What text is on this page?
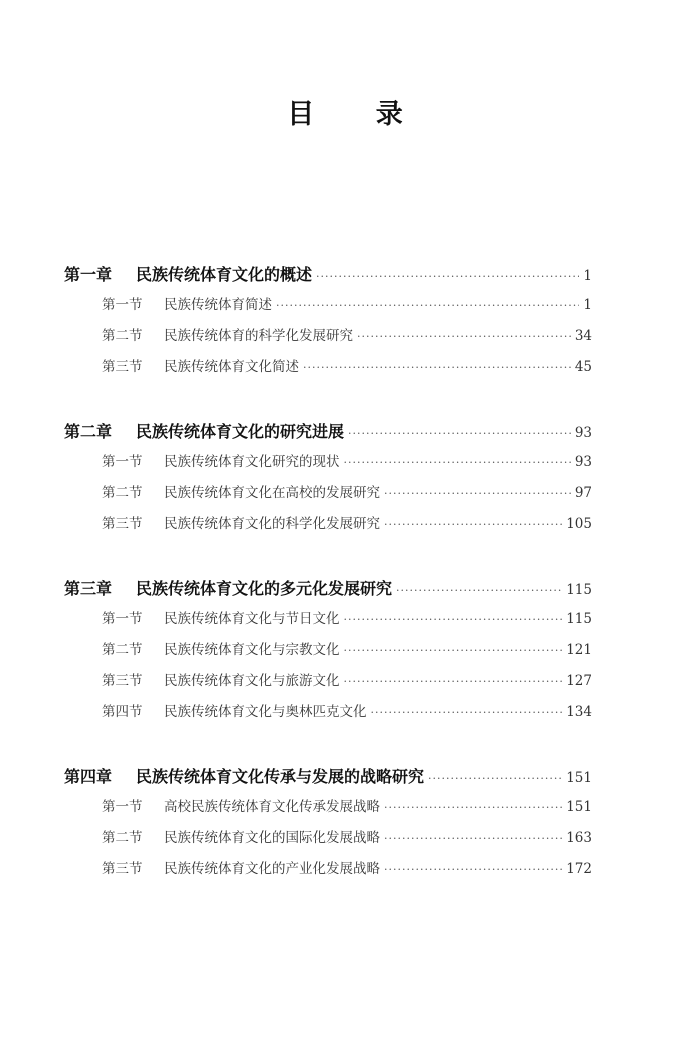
目 录
第一章	民族传统体育文化的概述 ·····	1
第一节	民族传统体育简述 ·····	1
第二节	民族传统体育的科学化发展研究 ·····	34
第三节	民族传统体育文化简述 ·····	45
第二章	民族传统体育文化的研究进展 ·····	93
第一节	民族传统体育文化研究的现状 ·····	93
第二节	民族传统体育文化在高校的发展研究 ·····	97
第三节	民族传统体育文化的科学化发展研究 ·····	105
第三章	民族传统体育文化的多元化发展研究 ·····	115
第一节	民族传统体育文化与节日文化 ·····	115
第二节	民族传统体育文化与宗教文化 ·····	121
第三节	民族传统体育文化与旅游文化 ·····	127
第四节	民族传统体育文化与奥林匹克文化 ·····	134
第四章	民族传统体育文化传承与发展的战略研究 ·····	151
第一节	高校民族传统体育文化传承发展战略 ·····	151
第二节	民族传统体育文化的国际化发展战略 ·····	163
第三节	民族传统体育文化的产业化发展战略 ·····	172
